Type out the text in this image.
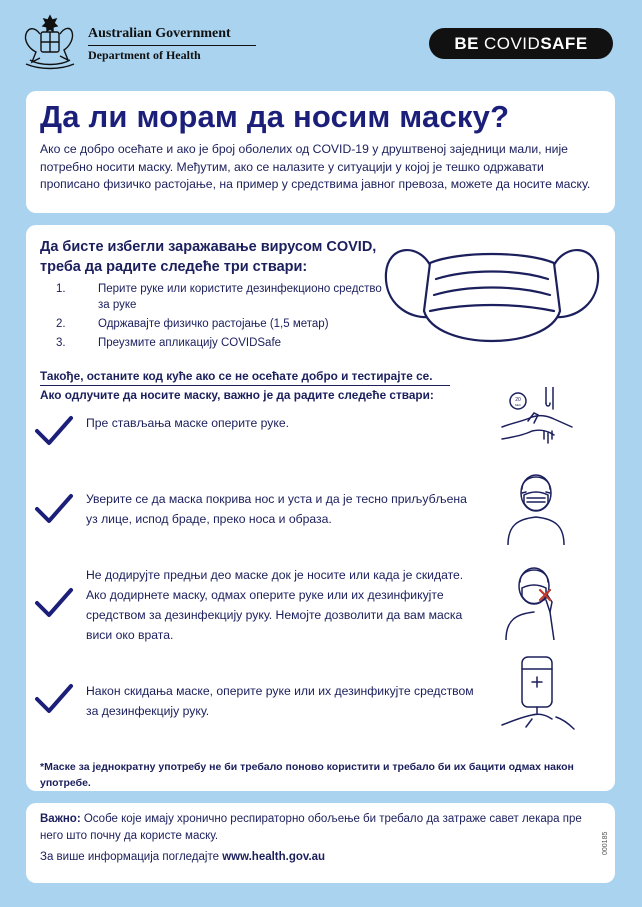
Australian Government
Department of Health
BE COVID SAFE
Да ли морам да носим маску?
Ако се добро осећате и ако је број оболелих од COVID-19 у друштвеној заједници мали, није потребно носити маску. Међутим, ако се налазите у ситуацији у којој је тешко одржавати прописано физичко растојање, на пример у средствима јавног превоза, можете да носите маску.
Да бисте избегли заражавање вирусом COVID, треба да радите следеће три ствари:
1.	Перите руке или користите дезинфекционо средство за руке
2.	Одржавајте физичко растојање (1,5 метар)
3.	Преузмите апликацију COVIDSafe
Такође, останите код куће ако се не осећате добро и тестирајте се.
Ако одлучите да носите маску, важно је да радите следеће ствари:
Пре стављања маске оперите руке.
20
SEC
Уверите се да маска покрива нос и уста и да је тесно приљубљена уз лице, испод браде, преко носа и образа.
Не додирујте предњи део маске док је носите или када је скидате. Ако додирнете маску, одмах оперите руке или их дезинфикујте средством за дезинфекцију руку. Немојте дозволити да вам маска виси око врата.
Након скидања маске, оперите руке или их дезинфикујте средством за дезинфекцију руку.
*Маске за једнократну употребу не би требало поново користити и требало би их бацити одмах након употребе.
Важно: Особе које имају хронично респираторно обољење би требало да затраже савет лекара пре него што почну да користе маску.
За више информација погледајте www.health.gov.au
000185
